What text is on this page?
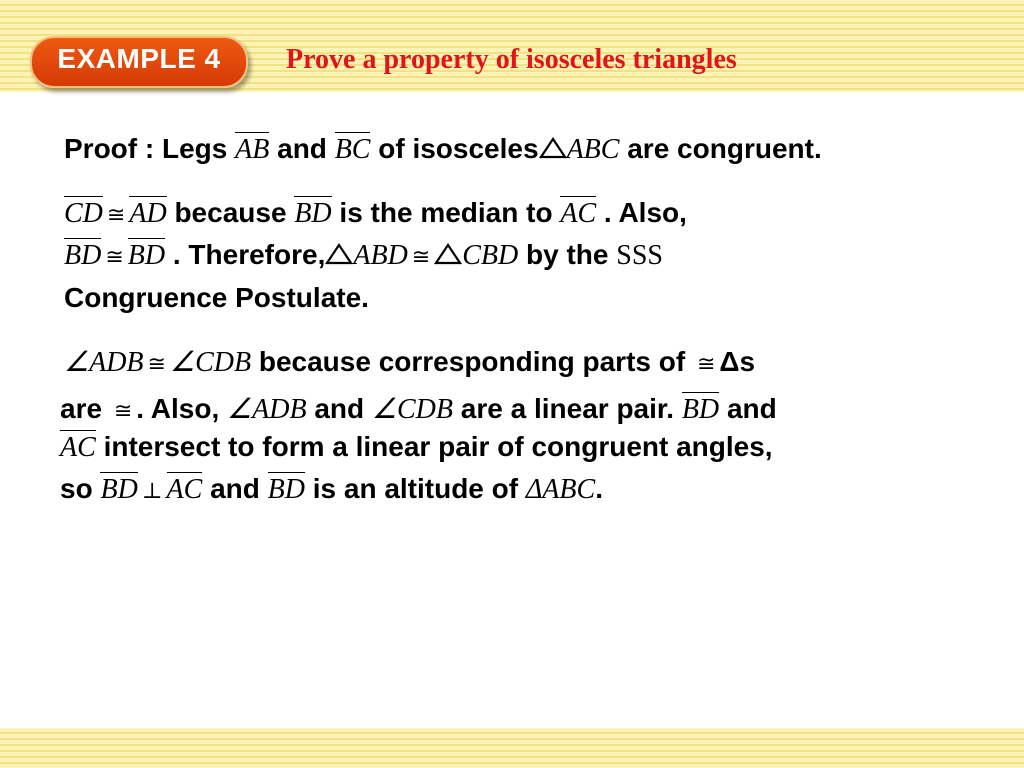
EXAMPLE 4	Prove a property of isosceles triangles
Proof : Legs AB and BC of isosceles ABC are congruent.
CD ≅ AD because BD is the median to AC . Also,
BD ≅ BD . Therefore, ABD ≅ CBD by the SSS
Congruence Postulate.
∠ADB ≅ ∠CDB because corresponding parts of ≅ Δs
are ≅ . Also, ∠ADB and ∠CDB are a linear pair. BD and
AC intersect to form a linear pair of congruent angles,
so BD ⊥ AC and BD is an altitude of ΔABC.
